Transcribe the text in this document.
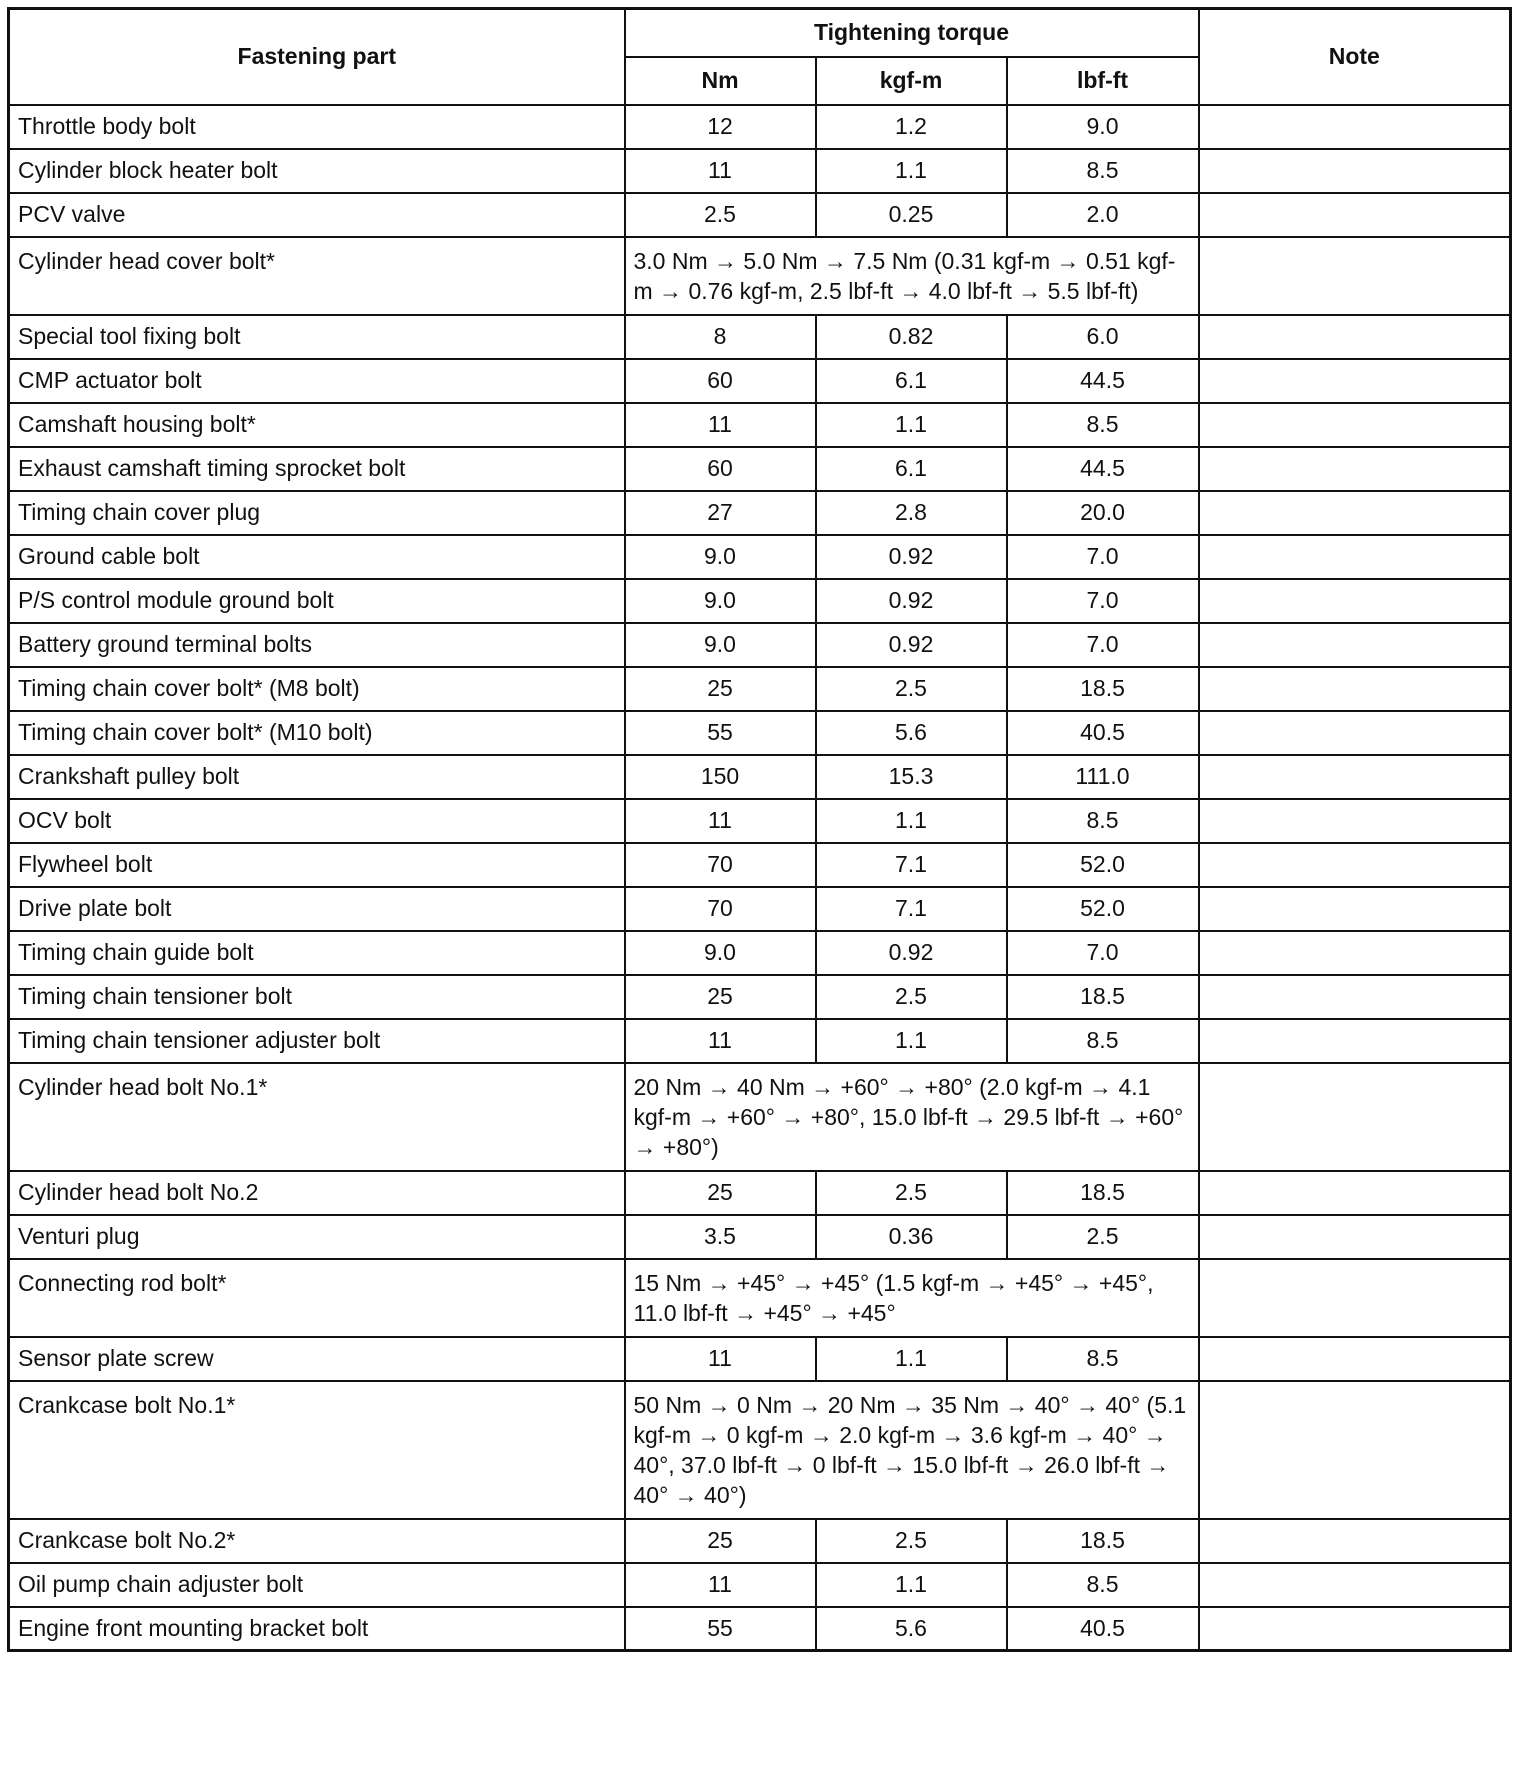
Fastening part	Tightening torque			Note
	Nm	kgf-m	lbf-ft	
Throttle body bolt	12	1.2	9.0	
Cylinder block heater bolt	11	1.1	8.5	
PCV valve	2.5	0.25	2.0	
Cylinder head cover bolt*	3.0 Nm → 5.0 Nm → 7.5 Nm (0.31 kgf-m → 0.51 kgf-m → 0.76 kgf-m, 2.5 lbf-ft → 4.0 lbf-ft → 5.5 lbf-ft)			
Special tool fixing bolt	8	0.82	6.0	
CMP actuator bolt	60	6.1	44.5	
Camshaft housing bolt*	11	1.1	8.5	
Exhaust camshaft timing sprocket bolt	60	6.1	44.5	
Timing chain cover plug	27	2.8	20.0	
Ground cable bolt	9.0	0.92	7.0	
P/S control module ground bolt	9.0	0.92	7.0	
Battery ground terminal bolts	9.0	0.92	7.0	
Timing chain cover bolt* (M8 bolt)	25	2.5	18.5	
Timing chain cover bolt* (M10 bolt)	55	5.6	40.5	
Crankshaft pulley bolt	150	15.3	111.0	
OCV bolt	11	1.1	8.5	
Flywheel bolt	70	7.1	52.0	
Drive plate bolt	70	7.1	52.0	
Timing chain guide bolt	9.0	0.92	7.0	
Timing chain tensioner bolt	25	2.5	18.5	
Timing chain tensioner adjuster bolt	11	1.1	8.5	
Cylinder head bolt No.1*	20 Nm → 40 Nm → +60° → +80° (2.0 kgf-m → 4.1 kgf-m → +60° → +80°, 15.0 lbf-ft → 29.5 lbf-ft → +60° → +80°)			
Cylinder head bolt No.2	25	2.5	18.5	
Venturi plug	3.5	0.36	2.5	
Connecting rod bolt*	15 Nm → +45° → +45° (1.5 kgf-m → +45° → +45°, 11.0 lbf-ft → +45° → +45°			
Sensor plate screw	11	1.1	8.5	
Crankcase bolt No.1*	50 Nm → 0 Nm → 20 Nm → 35 Nm → 40° → 40° (5.1 kgf-m → 0 kgf-m → 2.0 kgf-m → 3.6 kgf-m → 40° → 40°, 37.0 lbf-ft → 0 lbf-ft → 15.0 lbf-ft → 26.0 lbf-ft → 40° → 40°)			
Crankcase bolt No.2*	25	2.5	18.5	
Oil pump chain adjuster bolt	11	1.1	8.5	
Engine front mounting bracket bolt	55	5.6	40.5	
